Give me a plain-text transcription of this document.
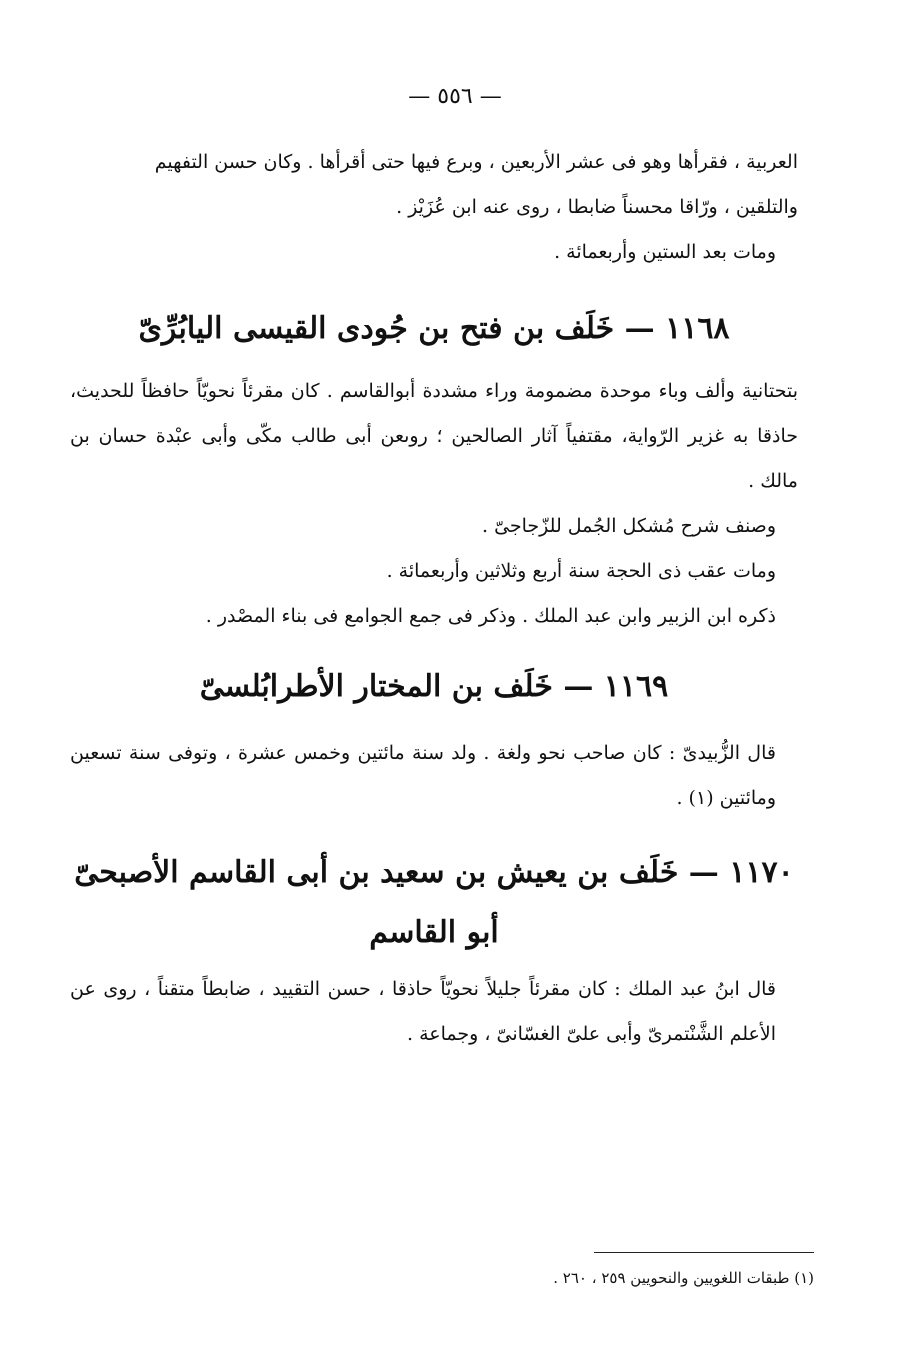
— ٥٥٦ —

العربية ، فقرأها وهو فى عشر الأربعين ، وبرع فيها حتى أقرأها . وكان حسن التفهيم

والتلقين ، ورّاقا محسناً ضابطا ، روى عنه ابن عُزَيْز .

ومات بعد الستين وأربعمائة .

١١٦٨ — خَلَف بن فتح بن جُودى القيسى اليابُرِّىّ

بتحتانية وألف وباء موحدة مضمومة وراء مشددة أبوالقاسم . كان مقرئاً نحويّاً حافظاً للحديث، حاذقا به غزير الرّواية، مقتفياً آثار الصالحين ؛ روىعن أبى طالب مكّى وأبى عبْدة حسان بن مالك .

وصنف شرح مُشكل الجُمل للزّجاجىّ .

ومات عقب ذى الحجة سنة أربع وثلاثين وأربعمائة .

ذكره ابن الزبير وابن عبد الملك . وذكر فى جمع الجوامع فى بناء المصْدر .

١١٦٩ — خَلَف بن المختار الأطرابُلسىّ

قال الزُّبيدىّ : كان صاحب نحو ولغة . ولد سنة مائتين وخمس عشرة ، وتوفى سنة تسعين ومائتين (١) .

١١٧٠ — خَلَف بن يعيش بن سعيد بن أبى القاسم الأصبحىّ أبو القاسم

قال ابنُ عبد الملك : كان مقرئاً جليلاً نحويّاً حاذقا ، حسن التقييد ، ضابطاً متقناً ، روى عن الأعلم الشَّنْتمرىّ وأبى علىّ الغسّانىّ ، وجماعة .

(١) طبقات اللغويين والنحويين ٢٥٩ ، ٢٦٠ .
